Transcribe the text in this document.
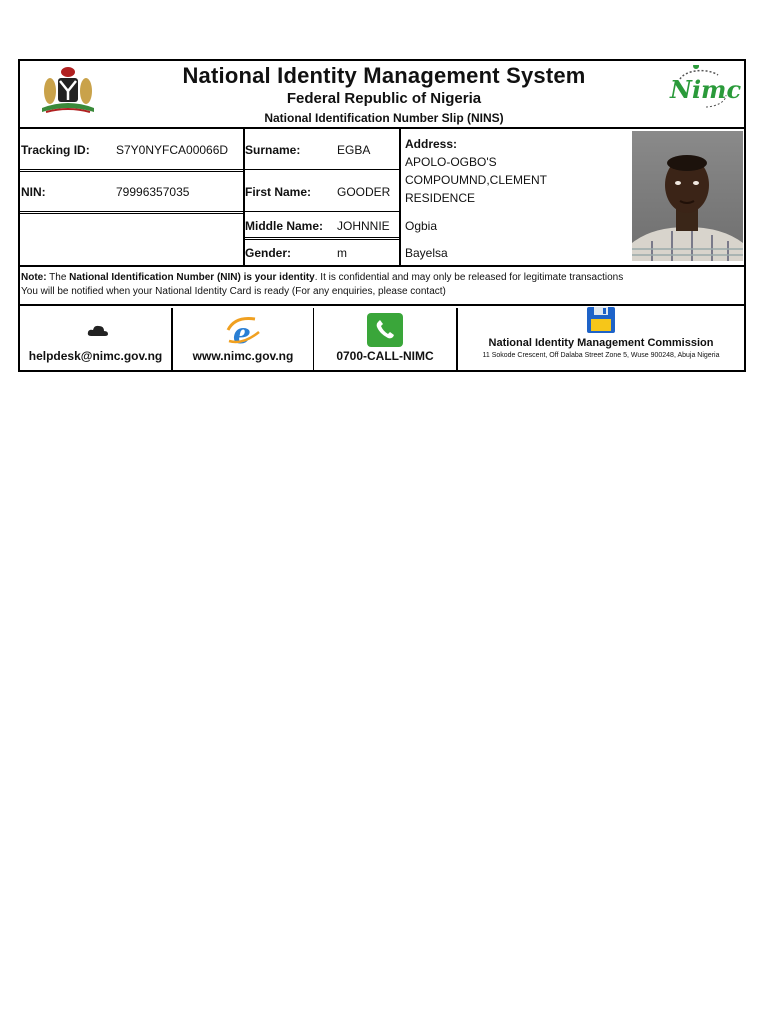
National Identity Management System
Federal Republic of Nigeria
National Identification Number Slip (NINS)
Nimc
Tracking ID: S7Y0NYFCA00066D
NIN:	79996357035
Surname:	EGBA
First Name: GOODER
Middle Name: JOHNNIE
Gender:	m
Address:
APOLO-OGBO'S
COMPOUMND,CLEMENT
RESIDENCE
Ogbia
Bayelsa
Note: The National Identification Number (NIN) is your identity. It is confidential and may only be released for legitimate transactions
You will be notified when your National Identity Card is ready (For any enquiries, please contact)
helpdesk@nimc.gov.ng
e
www.nimc.gov.ng	0700-CALL-NIMC
National Identity Management Commission
11 Sokode Crescent, Off Dalaba Street Zone 5, Wuse 900248, Abuja Nigeria
